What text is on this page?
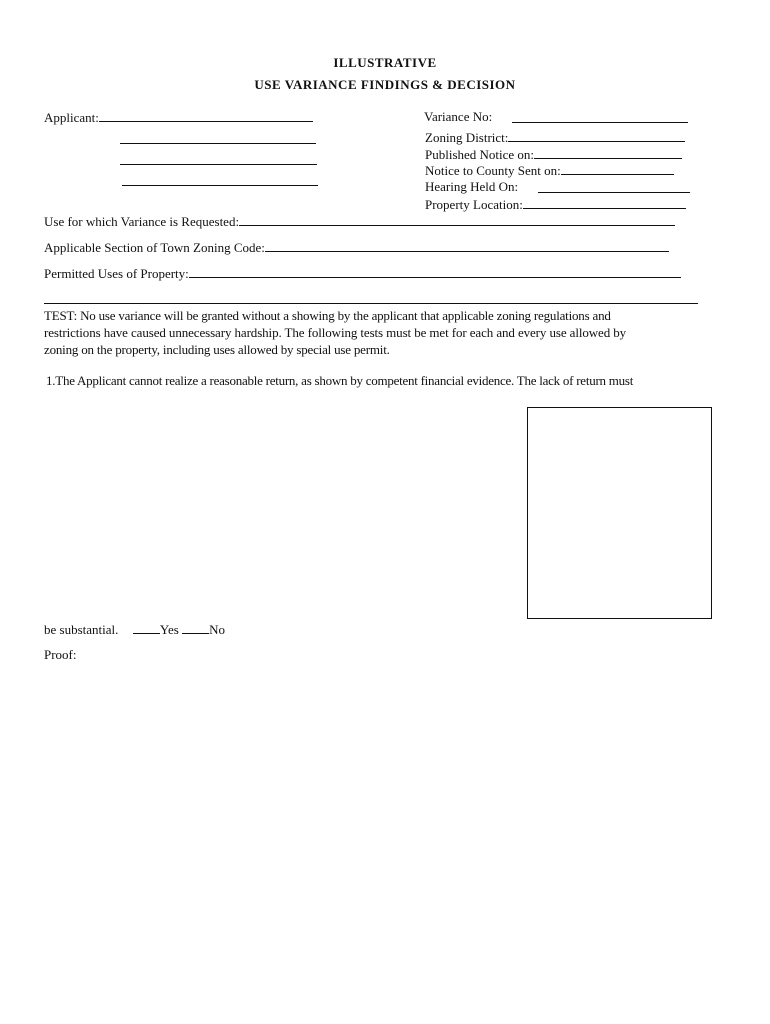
ILLUSTRATIVE
USE VARIANCE FINDINGS & DECISION
Applicant:	Variance No:
Zoning District:
Published Notice on:
Notice to County Sent on:
Hearing Held On:
Property Location:
Use for which Variance is Requested:
Applicable Section of Town Zoning Code:
Permitted Uses of Property:
TEST: No use variance will be granted without a showing by the applicant that applicable zoning regulations and
restrictions have caused unnecessary hardship. The following tests must be met for each and every use allowed by
zoning on the property, including uses allowed by special use permit.
1.The Applicant cannot realize a reasonable return, as shown by competent financial evidence. The lack of return must
be substantial.	Yes No
Proof:
